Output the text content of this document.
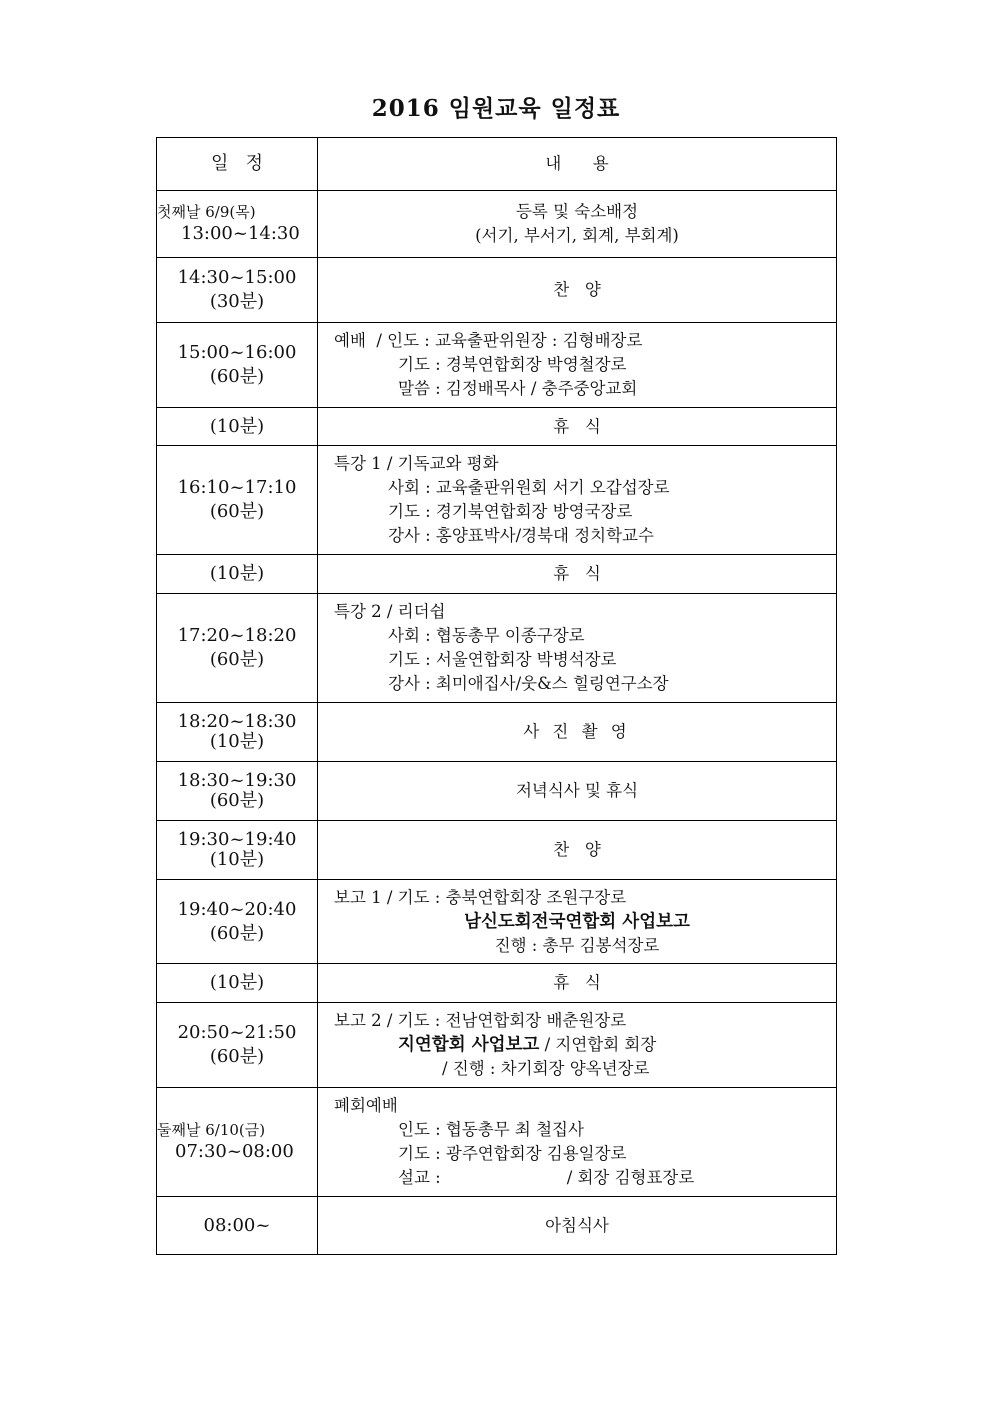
2016 임원교육 일정표
일   정	내      용

첫째날 6/9(목)
13:00~14:30	등록 및 숙소배정
(서기, 부서기, 회계, 부회계)

14:30~15:00
(30분)	찬   양

15:00~16:00
(60분)	예배  / 인도 : 교육출판위원장 : 김형배장로
기도 : 경북연합회장 박영철장로
말씀 : 김정배목사 / 충주중앙교회

(10분)	휴   식

16:10~17:10
(60분)	특강 1 / 기독교와 평화
사회 : 교육출판위원회 서기 오갑섭장로
기도 : 경기북연합회장 방영국장로
강사 : 홍양표박사/경북대 정치학교수

(10분)	휴   식

17:20~18:20
(60분)	특강 2 / 리더쉽
사회 : 협동총무 이종구장로
기도 : 서울연합회장 박병석장로
강사 : 최미애집사/웃&스 힐링연구소장

18:20~18:30
(10분)	사 진 촬 영

18:30~19:30
(60분)	저녁식사 및 휴식

19:30~19:40
(10분)	찬   양

19:40~20:40
(60분)	보고 1 / 기도 : 충북연합회장 조원구장로
남신도회전국연합회 사업보고
진행 : 총무 김봉석장로

(10분)	휴   식

20:50~21:50
(60분)	보고 2 / 기도 : 전남연합회장 배춘원장로
지연합회 사업보고 / 지연합회 회장
/ 진행 : 차기회장 양옥년장로

둘째날 6/10(금)
07:30~08:00	폐회예배
인도 : 협동총무 최 철집사
기도 : 광주연합회장 김용일장로
설교 : / 회장 김형표장로

08:00~	아침식사
